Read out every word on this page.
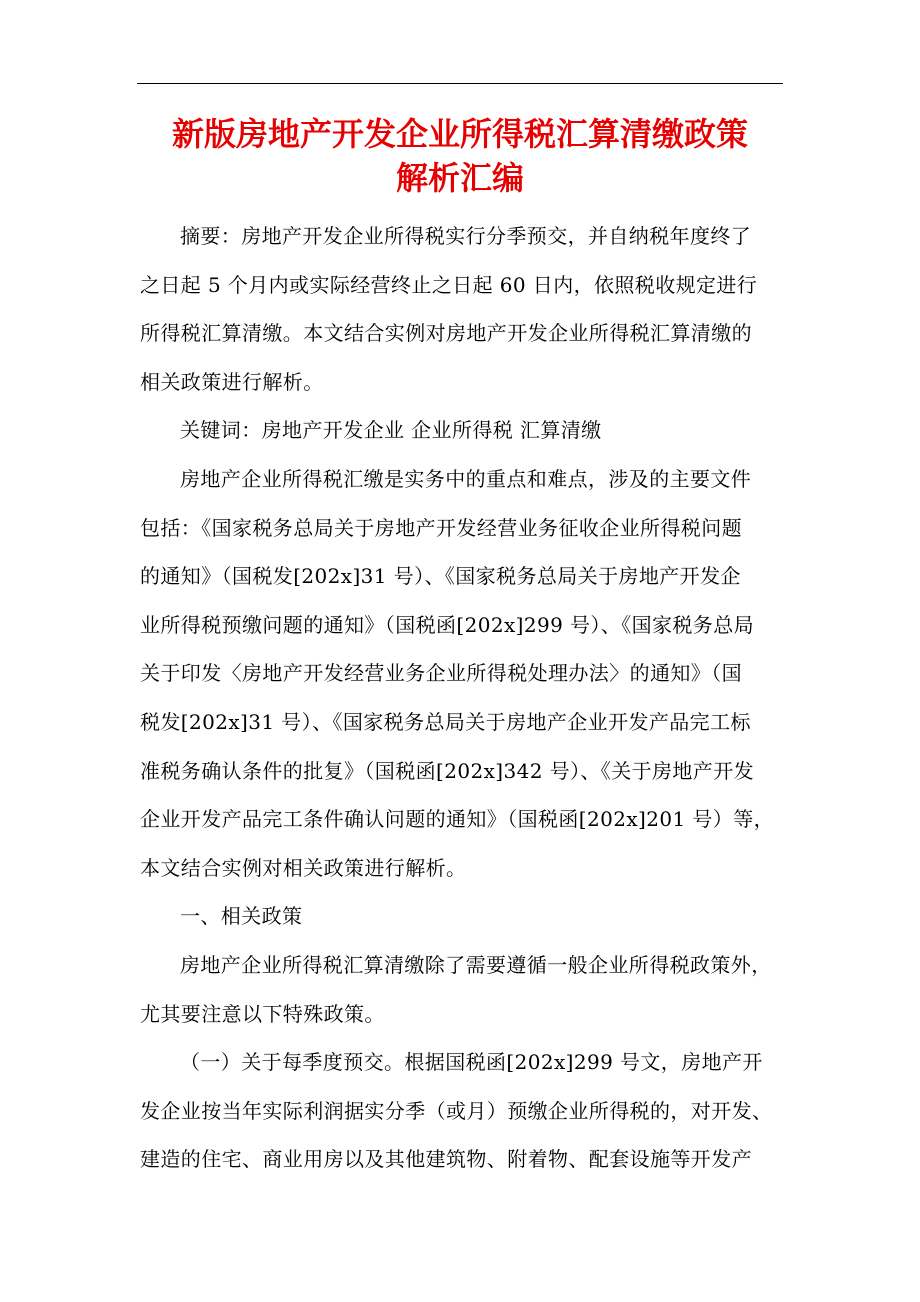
新版房地产开发企业所得税汇算清缴政策
解析汇编
摘要：房地产开发企业所得税实行分季预交，并自纳税年度终了
之日起 5 个月内或实际经营终止之日起 60 日内，依照税收规定进行
所得税汇算清缴。本文结合实例对房地产开发企业所得税汇算清缴的
相关政策进行解析。
关键词：房地产开发企业 企业所得税 汇算清缴
房地产企业所得税汇缴是实务中的重点和难点，涉及的主要文件
包括：《国家税务总局关于房地产开发经营业务征收企业所得税问题
的通知》（国税发[202x]31 号）、《国家税务总局关于房地产开发企
业所得税预缴问题的通知》（国税函[202x]299 号）、《国家税务总局
关于印发〈房地产开发经营业务企业所得税处理办法〉的通知》（国
税发[202x]31 号）、《国家税务总局关于房地产企业开发产品完工标
准税务确认条件的批复》（国税函[202x]342 号）、《关于房地产开发
企业开发产品完工条件确认问题的通知》（国税函[202x]201 号）等，
本文结合实例对相关政策进行解析。
一、相关政策
房地产企业所得税汇算清缴除了需要遵循一般企业所得税政策外，
尤其要注意以下特殊政策。
（一）关于每季度预交。根据国税函[202x]299 号文，房地产开
发企业按当年实际利润据实分季（或月）预缴企业所得税的，对开发、
建造的住宅、商业用房以及其他建筑物、附着物、配套设施等开发产
